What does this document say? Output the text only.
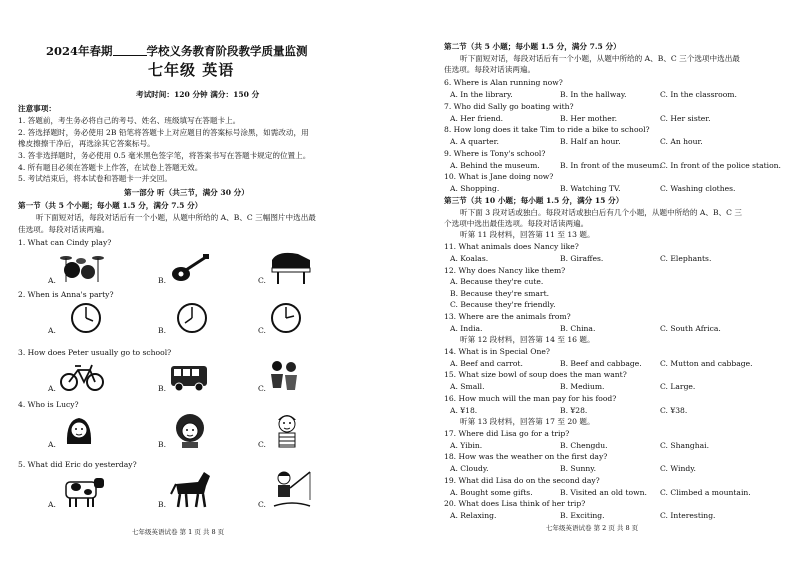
2024年春期	学校义务教育阶段教学质量监测
七年级 英语
考试时间：120 分钟 满分：150 分
注意事项：
1. 答题前，考生务必将自己的考号、姓名、班级填写在答题卡上。
2. 答选择题时，务必使用 2B 铅笔将答题卡上对应题目的答案标号涂黑，如需改动，用
橡皮擦擦干净后，再选涂其它答案标号。
3. 答非选择题时，务必使用 0.5 毫米黑色签字笔，将答案书写在答题卡规定的位置上。
4. 所有题目必须在答题卡上作答，在试卷上答题无效。
5. 考试结束后，将本试卷和答题卡一并交回。
第一部分 听（共三节，满分 30 分）
第一节（共 5 个小题；每小题 1.5 分，满分 7.5 分）
听下面短对话，每段对话后有一个小题，从题中所给的 A、B、C 三幅图片中选出最
佳选项。每段对话读两遍。
1. What can Cindy play?
A.	B.	C.
2. When is Anna's party?
A.	B.	C.
3. How does Peter usually go to school?
A.	B.	C.
4. Who is Lucy?
A.	B.	C.
5. What did Eric do yesterday?
A.	B.	C.
七年级英语试卷 第 1 页 共 8 页
第二节（共 5 小题；每小题 1.5 分，满分 7.5 分）
听下面短对话，每段对话后有一个小题，从题中所给的 A、B、C 三个选项中选出最
佳选项。每段对话读两遍。
6. Where is Alan running now?
A. In the library.	B. In the hallway.	C. In the classroom.
7. Who did Sally go boating with?
A. Her friend.	B. Her mother.	C. Her sister.
8. How long does it take Tim to ride a bike to school?
A. A quarter.	B. Half an hour.	C. An hour.
9. Where is Tony's school?
A. Behind the museum.	B. In front of the museum.
C. In front of the police station.
10. What is Jane doing now?
A. Shopping.	B. Watching TV.	C. Washing clothes.
第三节（共 10 小题；每小题 1.5 分，满分 15 分）
听下面 3 段对话或独白。每段对话或独白后有几个小题，从题中所给的 A、B、C 三
个选项中选出最佳选项。每段对话读两遍。
听第 11 段材料，回答第 11 至 13 题。
11. What animals does Nancy like?
A. Koalas.	B. Giraffes.	C. Elephants.
12. Why does Nancy like them?
A. Because they're cute.
B. Because they're smart.
C. Because they're friendly.
13. Where are the animals from?
A. India.	B. China.	C. South Africa.
听第 12 段材料，回答第 14 至 16 题。
14. What is in Special One?
A. Beef and carrot.	B. Beef and cabbage. C. Mutton and cabbage.
15. What size bowl of soup does the man want?
A. Small.	B. Medium.	C. Large.
16. How much will the man pay for his food?
A. ¥18.	B. ¥28.	C. ¥38.
听第 13 段材料，回答第 17 至 20 题。
17. Where did Lisa go for a trip?
A. Yibin.	B. Chengdu.	C. Shanghai.
18. How was the weather on the first day?
A. Cloudy.	B. Sunny.	C. Windy.
19. What did Lisa do on the second day?
A. Bought some gifts.	B. Visited an old town. C. Climbed a mountain.
20. What does Lisa think of her trip?
A. Relaxing.	B. Exciting.	C. Interesting.
七年级英语试卷 第 2 页 共 8 页
